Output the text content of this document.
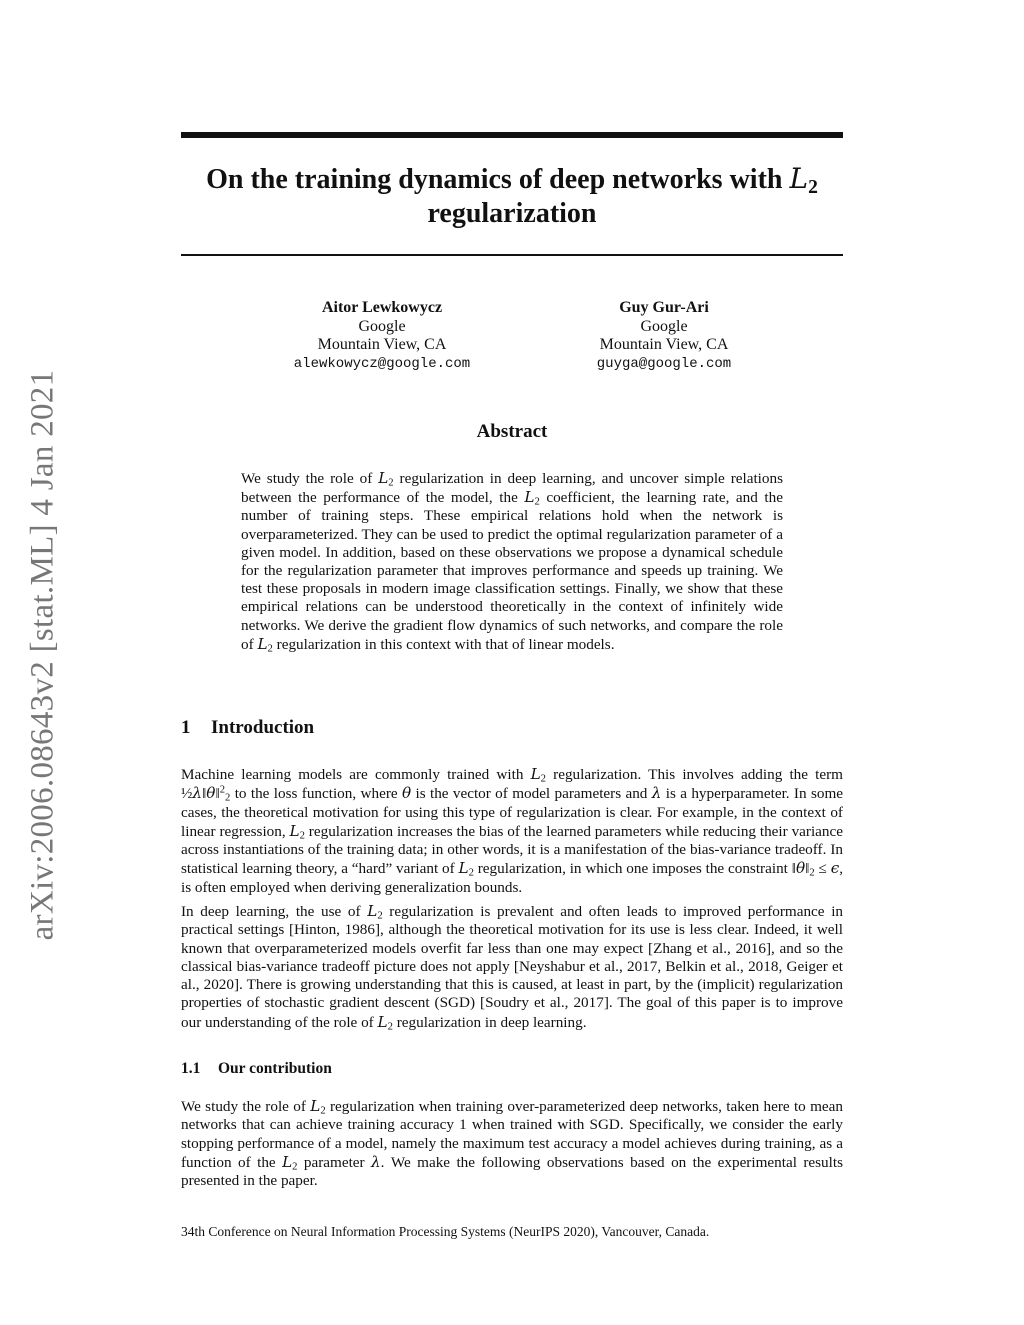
arXiv:2006.08643v2 [stat.ML] 4 Jan 2021
On the training dynamics of deep networks with $L_2$ regularization
Aitor Lewkowycz
Google
Mountain View, CA
alewkowycz@google.com
Guy Gur-Ari
Google
Mountain View, CA
guyga@google.com
Abstract

We study the role of $L_2$ regularization in deep learning, and uncover simple relations between the performance of the model, the $L_2$ coefficient, the learning rate, and the number of training steps. These empirical relations hold when the network is overparameterized. They can be used to predict the optimal regularization parameter of a given model. In addition, based on these observations we propose a dynamical schedule for the regularization parameter that improves performance and speeds up training. We test these proposals in modern image classification settings. Finally, we show that these empirical relations can be understood theoretically in the context of infinitely wide networks. We derive the gradient flow dynamics of such networks, and compare the role of $L_2$ regularization in this context with that of linear models.

1 Introduction

Machine learning models are commonly trained with $L_2$ regularization. This involves adding the term ½λ‖θ‖$^2_2$ to the loss function, where θ is the vector of model parameters and λ is a hyperparameter. In some cases, the theoretical motivation for using this type of regularization is clear. For example, in the context of linear regression, $L_2$ regularization increases the bias of the learned parameters while reducing their variance across instantiations of the training data; in other words, it is a manifestation of the bias-variance tradeoff. In statistical learning theory, a “hard” variant of $L_2$ regularization, in which one imposes the constraint $‖\theta‖_2 \le \epsilon$, is often employed when deriving generalization bounds.

In deep learning, the use of $L_2$ regularization is prevalent and often leads to improved performance in practical settings [Hinton, 1986], although the theoretical motivation for its use is less clear. Indeed, it well known that overparameterized models overfit far less than one may expect [Zhang et al., 2016], and so the classical bias-variance tradeoff picture does not apply [Neyshabur et al., 2017, Belkin et al., 2018, Geiger et al., 2020]. There is growing understanding that this is caused, at least in part, by the (implicit) regularization properties of stochastic gradient descent (SGD) [Soudry et al., 2017]. The goal of this paper is to improve our understanding of the role of $L_2$ regularization in deep learning.

1.1 Our contribution

We study the role of $L_2$ regularization when training over-parameterized deep networks, taken here to mean networks that can achieve training accuracy 1 when trained with SGD. Specifically, we consider the early stopping performance of a model, namely the maximum test accuracy a model achieves during training, as a function of the $L_2$ parameter λ. We make the following observations based on the experimental results presented in the paper.

34th Conference on Neural Information Processing Systems (NeurIPS 2020), Vancouver, Canada.
